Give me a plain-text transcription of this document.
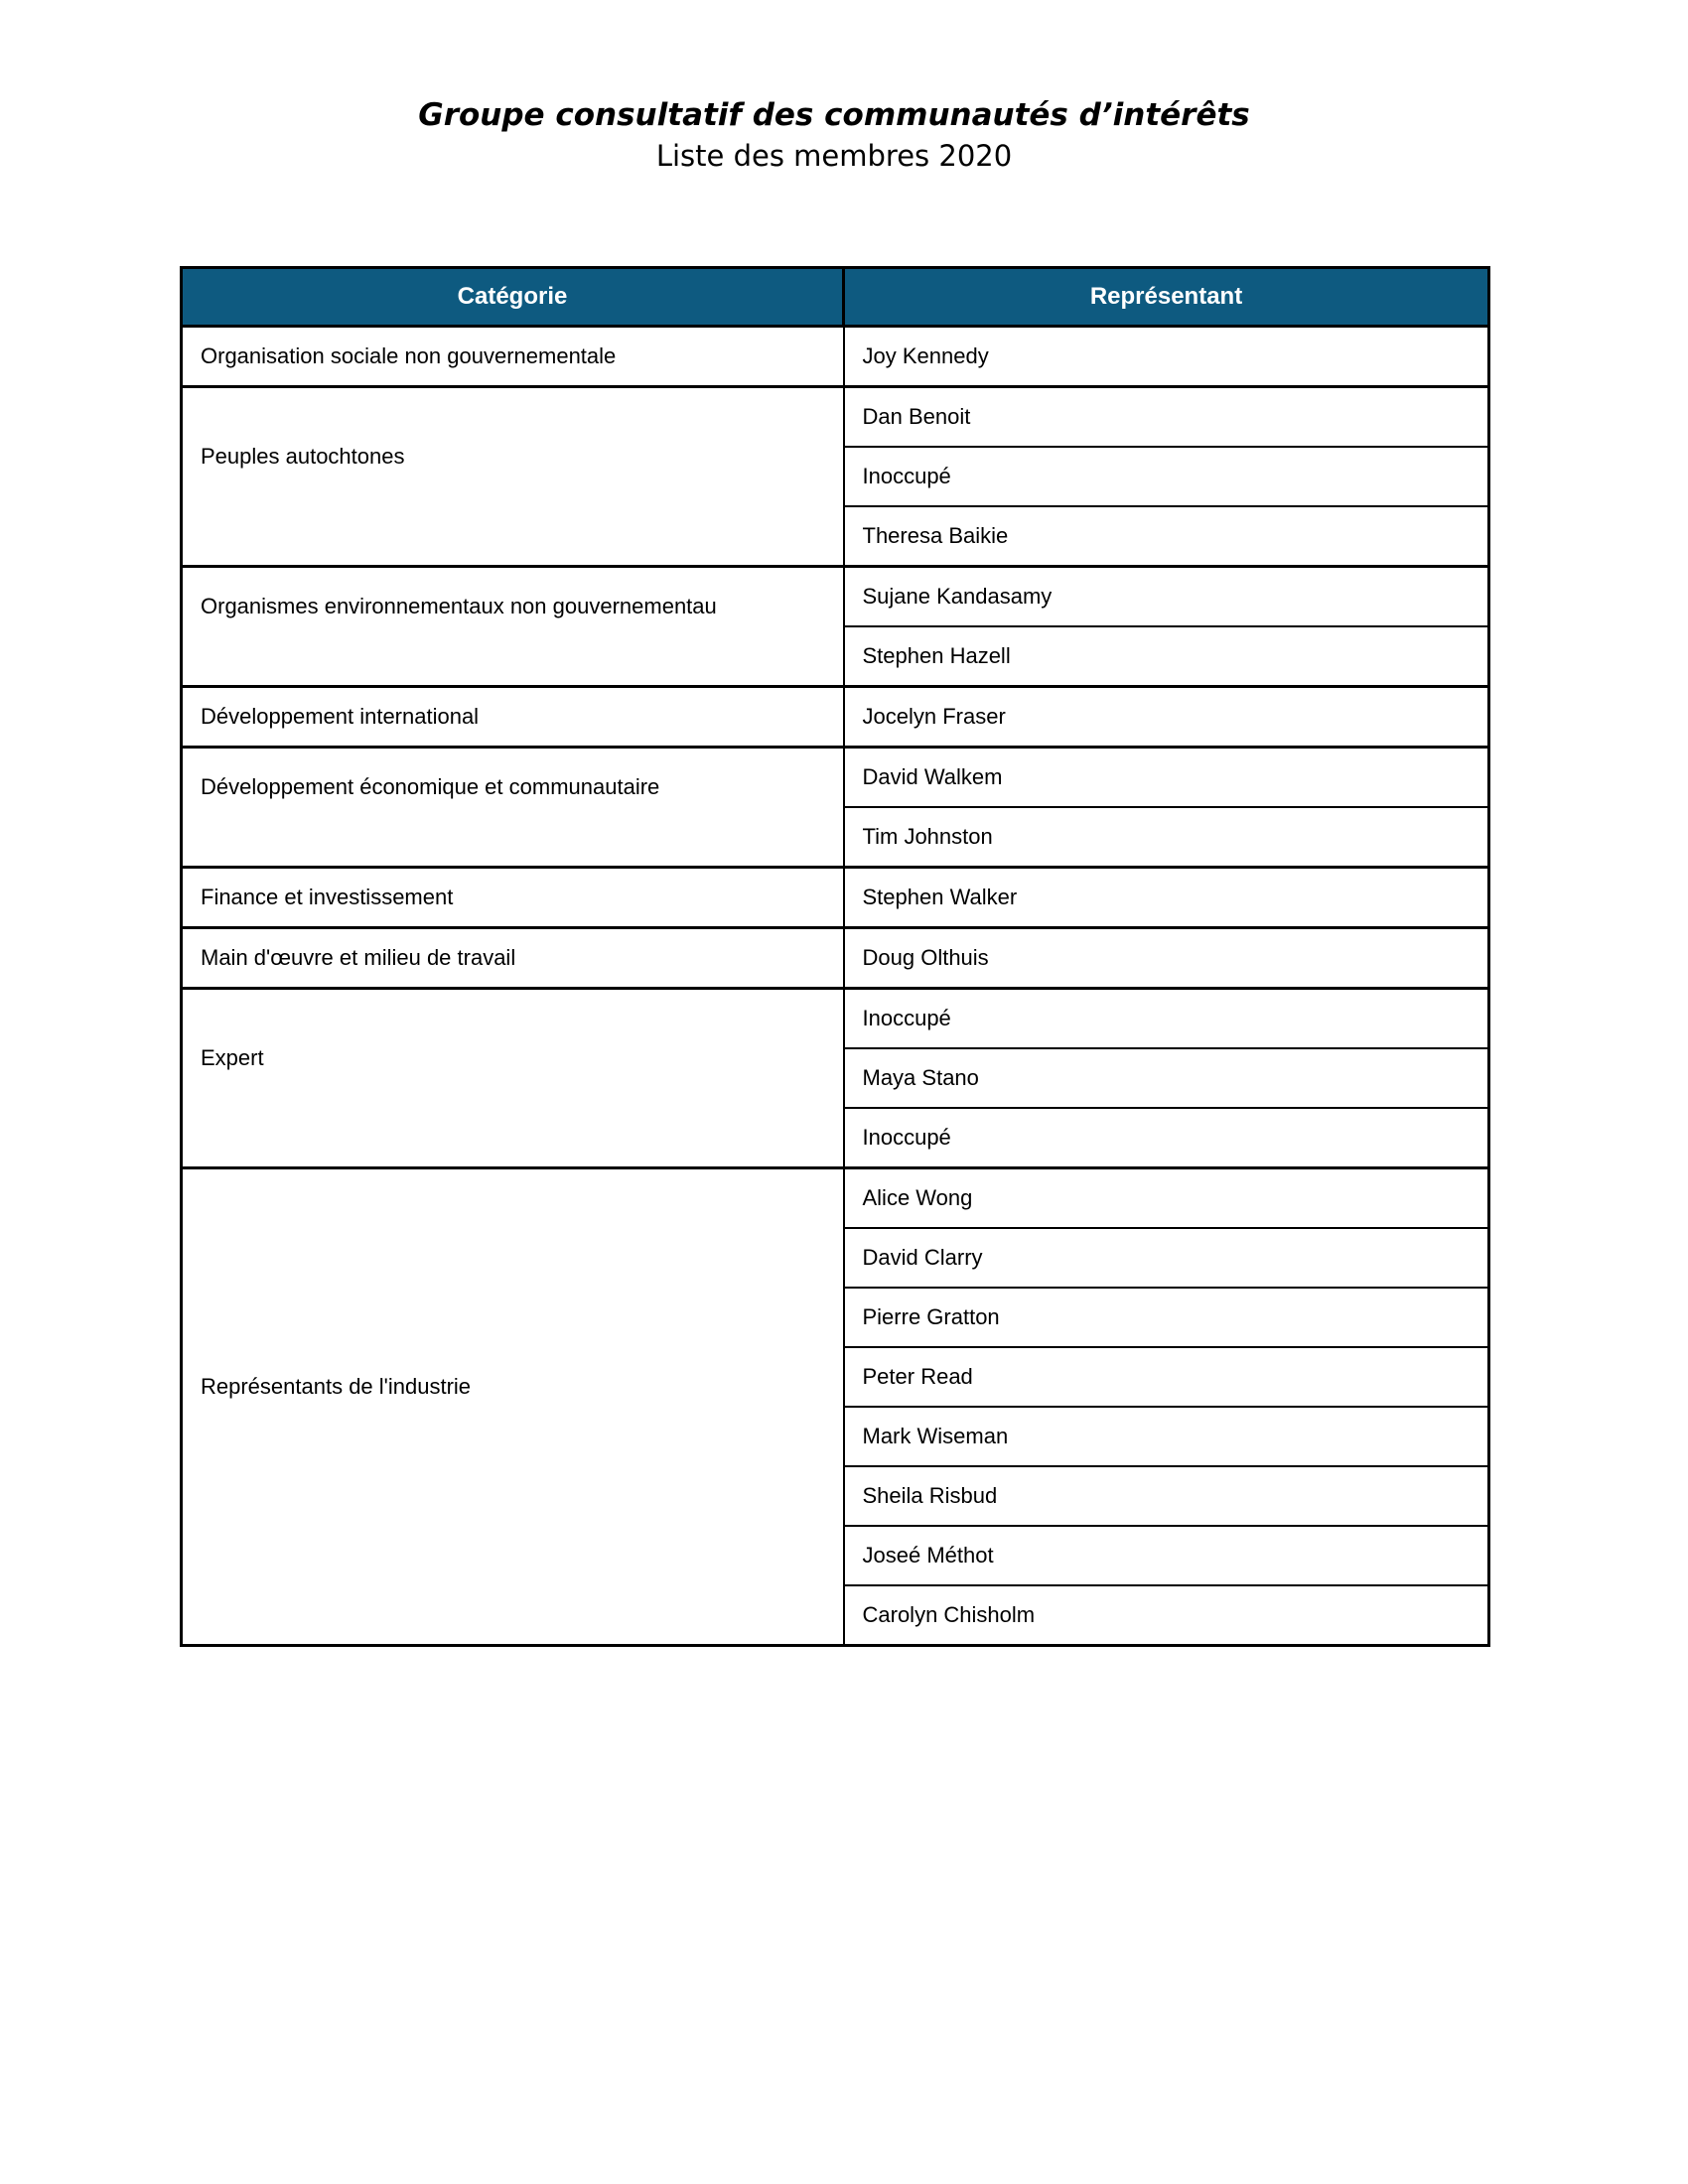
Groupe consultatif des communautés d’intérêts
Liste des membres 2020
Catégorie	Représentant
Organisation sociale non gouvernementale	Joy Kennedy
Peuples autochtones	Dan Benoit
	Inoccupé
	Theresa Baikie
Organismes environnementaux non gouvernementau	Sujane Kandasamy
	Stephen Hazell
Développement international	Jocelyn Fraser
Développement économique et communautaire	David Walkem
	Tim Johnston
Finance et investissement	Stephen Walker
Main d'œuvre et milieu de travail	Doug Olthuis
Expert	Inoccupé
	Maya Stano
	Inoccupé
Représentants de l'industrie	Alice Wong
	David Clarry
	Pierre Gratton
	Peter Read
	Mark Wiseman
	Sheila Risbud
	Joseé Méthot
	Carolyn Chisholm
